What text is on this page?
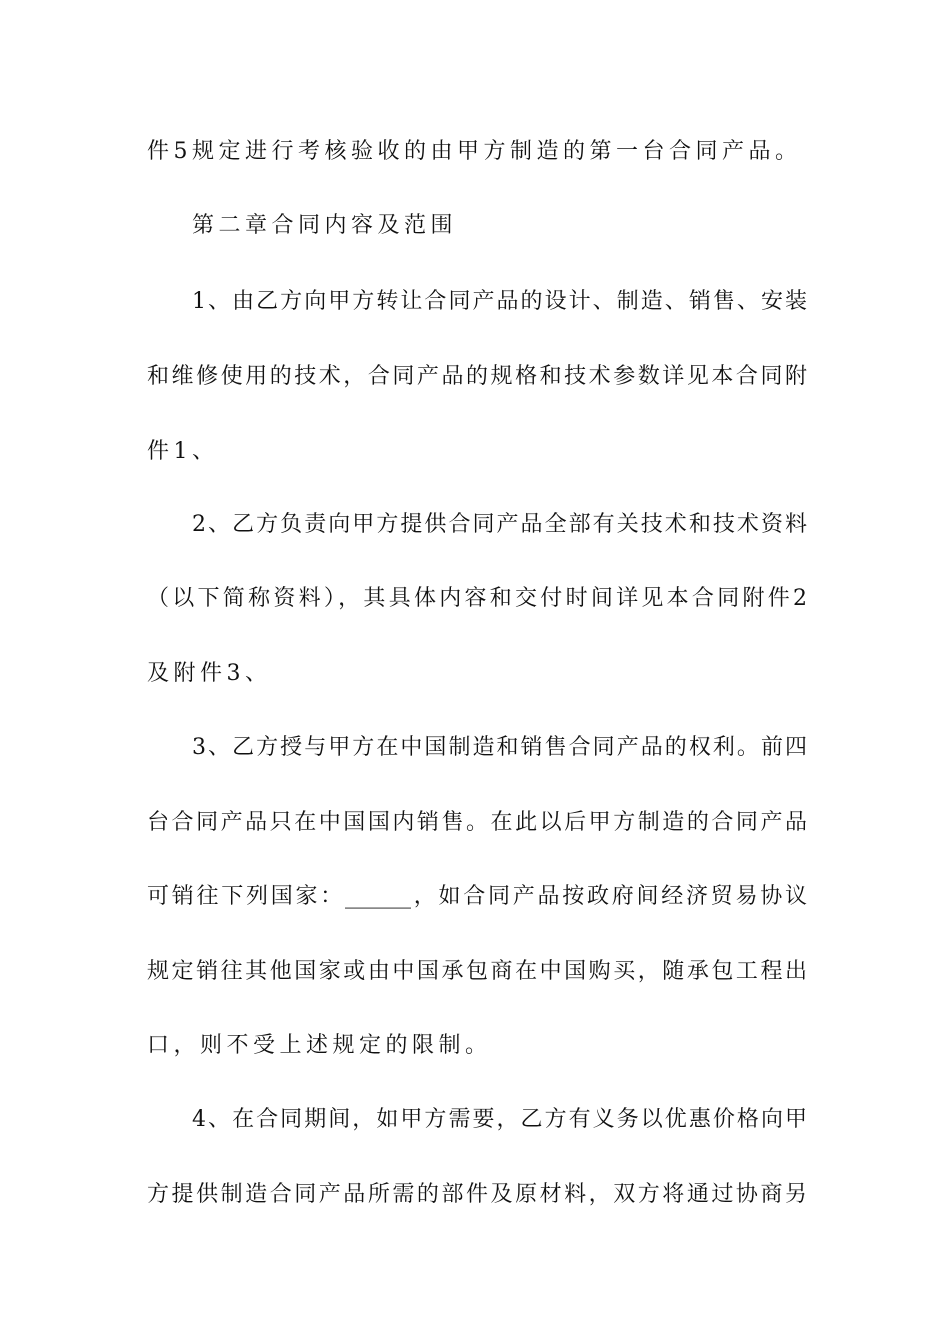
件5规定进行考核验收的由甲方制造的第一台合同产品。
第二章合同内容及范围
1、由乙方向甲方转让合同产品的设计、制造、销售、安装
和维修使用的技术，合同产品的规格和技术参数详见本合同附
件1、
2、乙方负责向甲方提供合同产品全部有关技术和技术资料
（以下简称资料），其具体内容和交付时间详见本合同附件2
及附件3、
3、乙方授与甲方在中国制造和销售合同产品的权利。前四
台合同产品只在中国国内销售。在此以后甲方制造的合同产品
可销往下列国家：______，如合同产品按政府间经济贸易协议
规定销往其他国家或由中国承包商在中国购买，随承包工程出
口，则不受上述规定的限制。
4、在合同期间，如甲方需要，乙方有义务以优惠价格向甲
方提供制造合同产品所需的部件及原材料，双方将通过协商另
